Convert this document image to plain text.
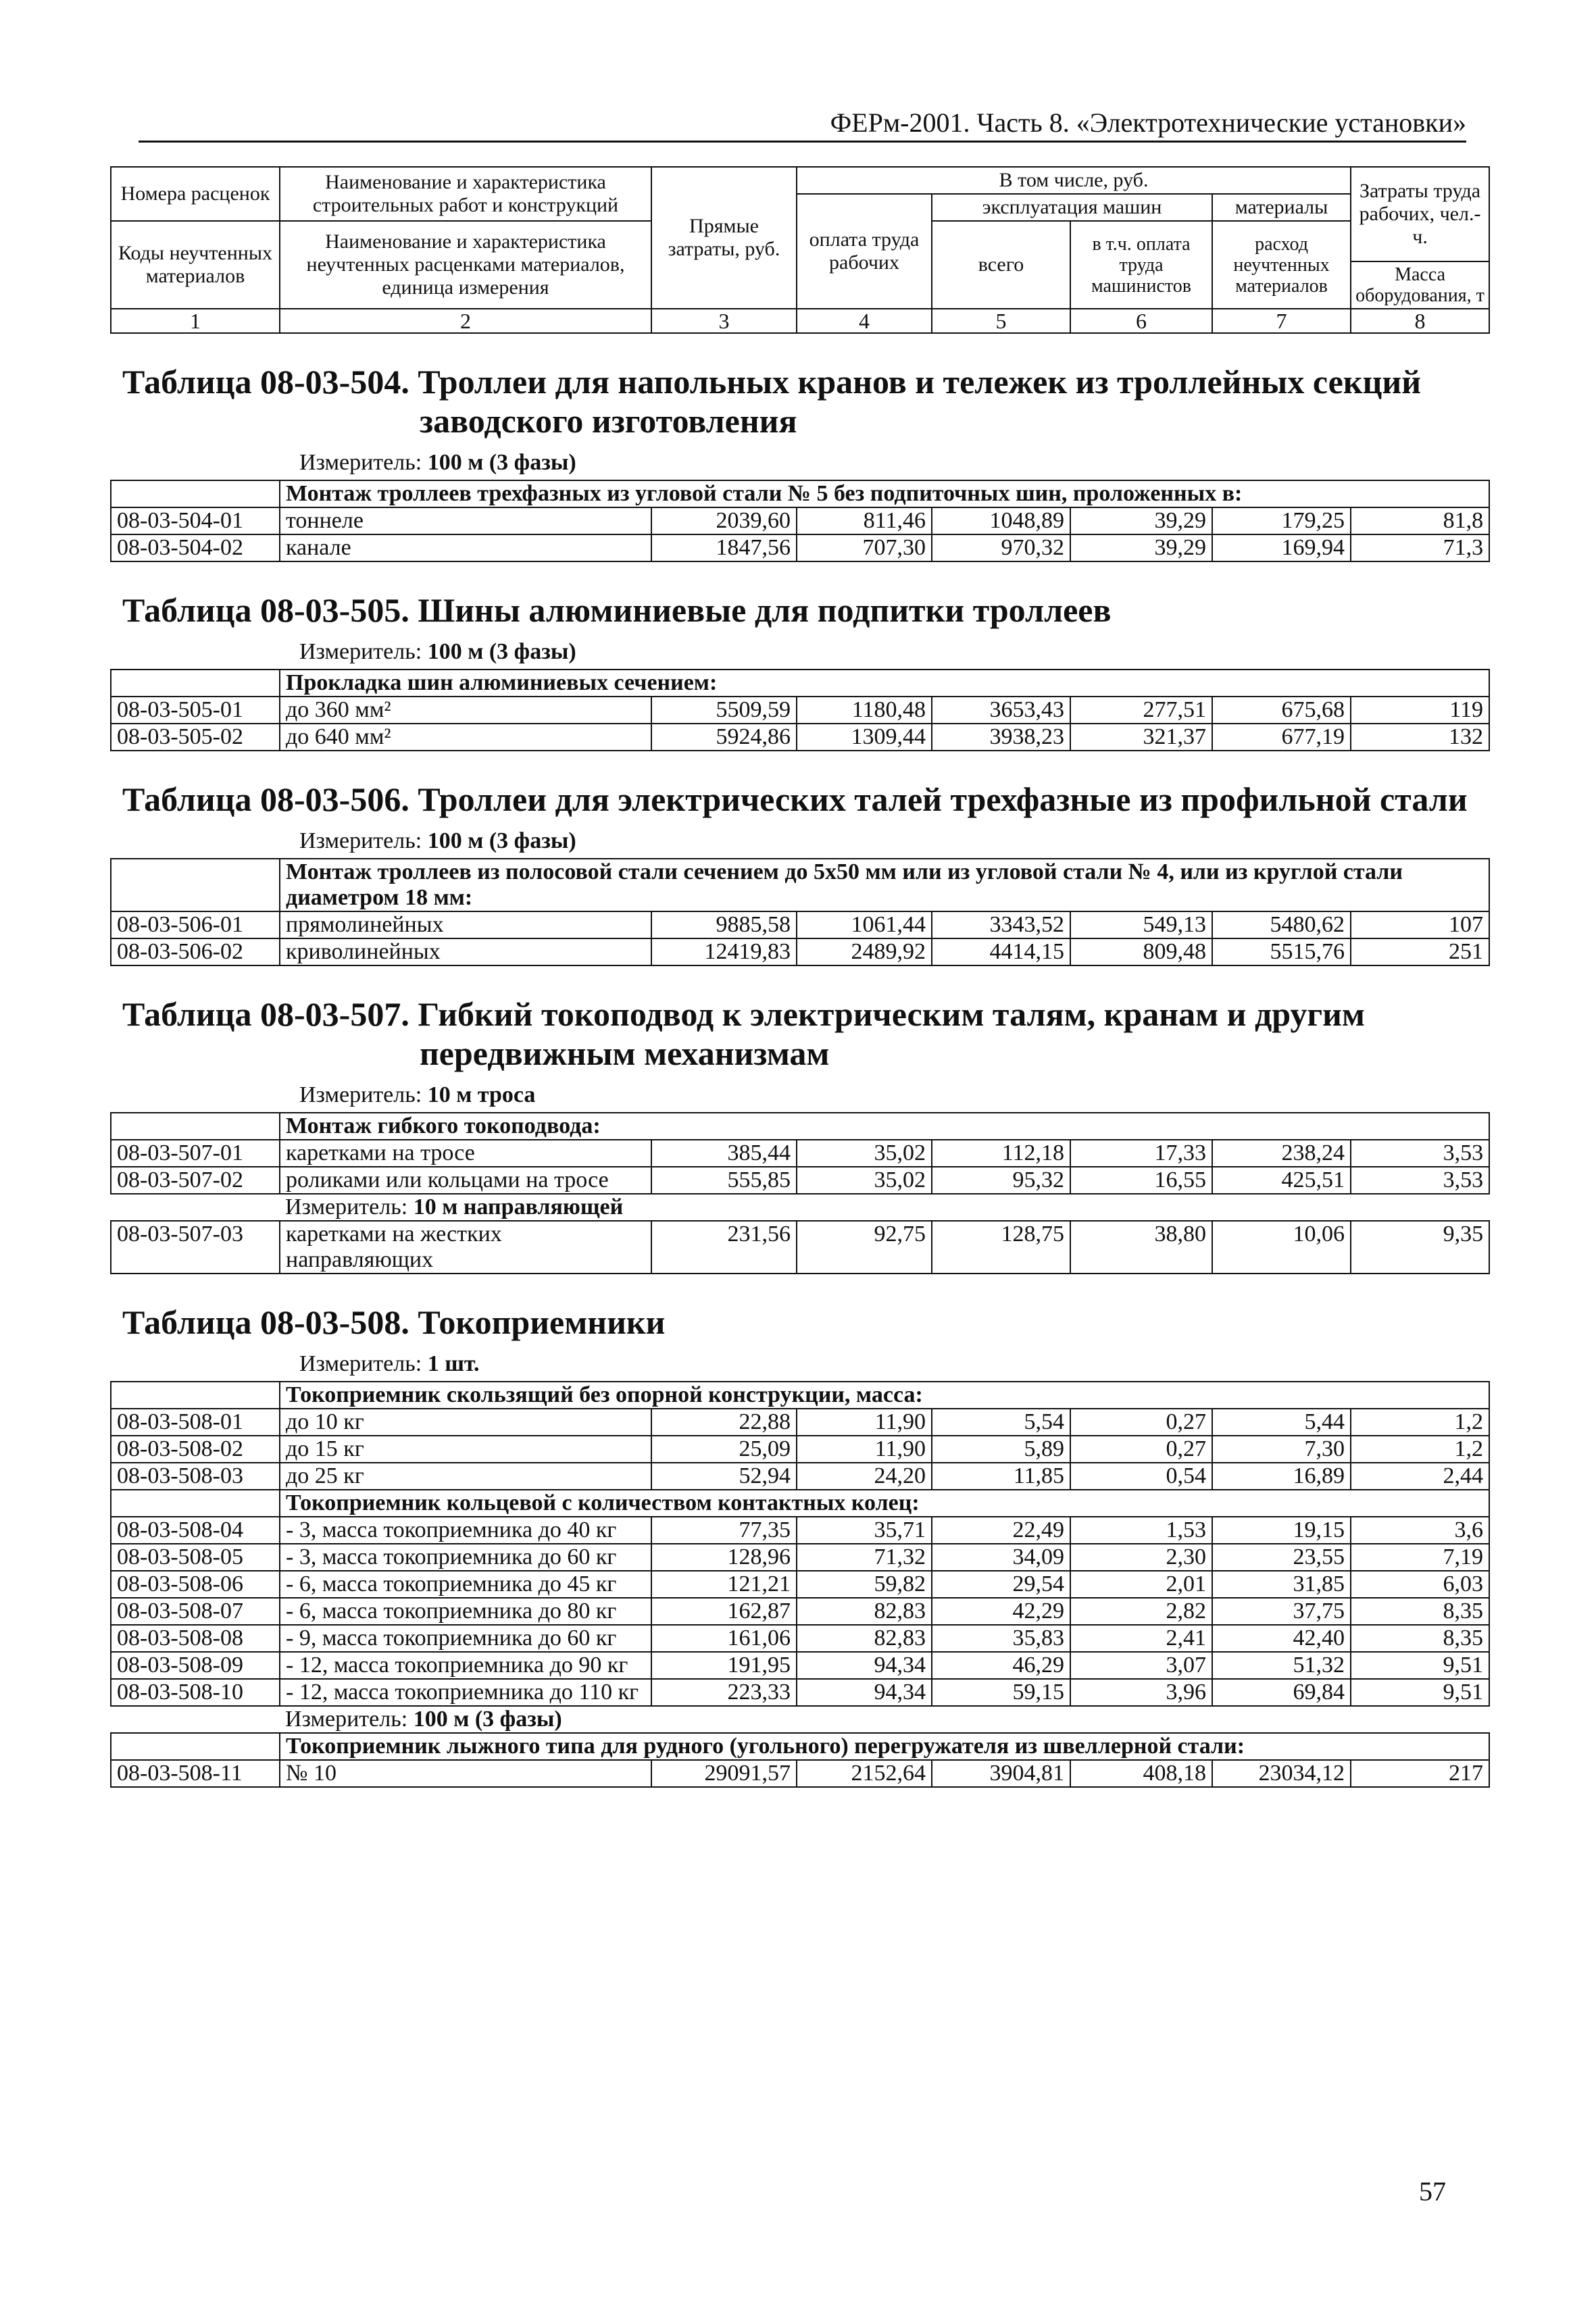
ФЕРм-2001. Часть 8. «Электротехнические установки»
Номера расценок	Наименование и характеристика строительных работ и конструкций	Прямые затраты, руб.	В том числе, руб.				Затраты труда рабочих, чел.-ч.
			оплата труда рабочих	эксплуатация машин		материалы	
Коды неучтенных материалов	Наименование и характеристика неучтенных расценками материалов, единица измерения			всего	в т.ч. оплата труда машинистов	расход неучтенных материалов	
							Масса оборудования, т
1	2	3	4	5	6	7	8
Таблица 08-03-504. Троллеи для напольных кранов и тележек из троллейных секций
заводского изготовления
Измеритель: 100 м (3 фазы)
	Монтаж троллеев трехфазных из угловой стали № 5 без подпиточных шин, проложенных в:						
08-03-504-01	тоннеле	2039,60	811,46	1048,89	39,29	179,25	81,8
08-03-504-02	канале	1847,56	707,30	970,32	39,29	169,94	71,3
Таблица 08-03-505. Шины алюминиевые для подпитки троллеев
Измеритель: 100 м (3 фазы)
	Прокладка шин алюминиевых сечением:						
08-03-505-01	до 360 мм²	5509,59	1180,48	3653,43	277,51	675,68	119
08-03-505-02	до 640 мм²	5924,86	1309,44	3938,23	321,37	677,19	132
Таблица 08-03-506. Троллеи для электрических талей трехфазные из профильной стали
Измеритель: 100 м (3 фазы)
	Монтаж троллеев из полосовой стали сечением до 5х50 мм или из угловой стали № 4, или из круглой стали диаметром 18 мм:						
08-03-506-01	прямолинейных	9885,58	1061,44	3343,52	549,13	5480,62	107
08-03-506-02	криволинейных	12419,83	2489,92	4414,15	809,48	5515,76	251
Таблица 08-03-507. Гибкий токоподвод к электрическим талям, кранам и другим
передвижным механизмам
Измеритель: 10 м троса
	Монтаж гибкого токоподвода:						
08-03-507-01	каретками на тросе	385,44	35,02	112,18	17,33	238,24	3,53
08-03-507-02	роликами или кольцами на тросе	555,85	35,02	95,32	16,55	425,51	3,53
	Измеритель: 10 м направляющей						
08-03-507-03	каретками на жестких направляющих	231,56	92,75	128,75	38,80	10,06	9,35
Таблица 08-03-508. Токоприемники
Измеритель: 1 шт.
	Токоприемник скользящий без опорной конструкции, масса:						
08-03-508-01	до 10 кг	22,88	11,90	5,54	0,27	5,44	1,2
08-03-508-02	до 15 кг	25,09	11,90	5,89	0,27	7,30	1,2
08-03-508-03	до 25 кг	52,94	24,20	11,85	0,54	16,89	2,44
	Токоприемник кольцевой с количеством контактных колец:						
08-03-508-04	- 3, масса токоприемника до 40 кг	77,35	35,71	22,49	1,53	19,15	3,6
08-03-508-05	- 3, масса токоприемника до 60 кг	128,96	71,32	34,09	2,30	23,55	7,19
08-03-508-06	- 6, масса токоприемника до 45 кг	121,21	59,82	29,54	2,01	31,85	6,03
08-03-508-07	- 6, масса токоприемника до 80 кг	162,87	82,83	42,29	2,82	37,75	8,35
08-03-508-08	- 9, масса токоприемника до 60 кг	161,06	82,83	35,83	2,41	42,40	8,35
08-03-508-09	- 12, масса токоприемника до 90 кг	191,95	94,34	46,29	3,07	51,32	9,51
08-03-508-10	- 12, масса токоприемника до 110 кг	223,33	94,34	59,15	3,96	69,84	9,51
	Измеритель: 100 м (3 фазы)						
	Токоприемник лыжного типа для рудного (угольного) перегружателя из швеллерной стали:						
08-03-508-11	№ 10	29091,57	2152,64	3904,81	408,18	23034,12	217
57
